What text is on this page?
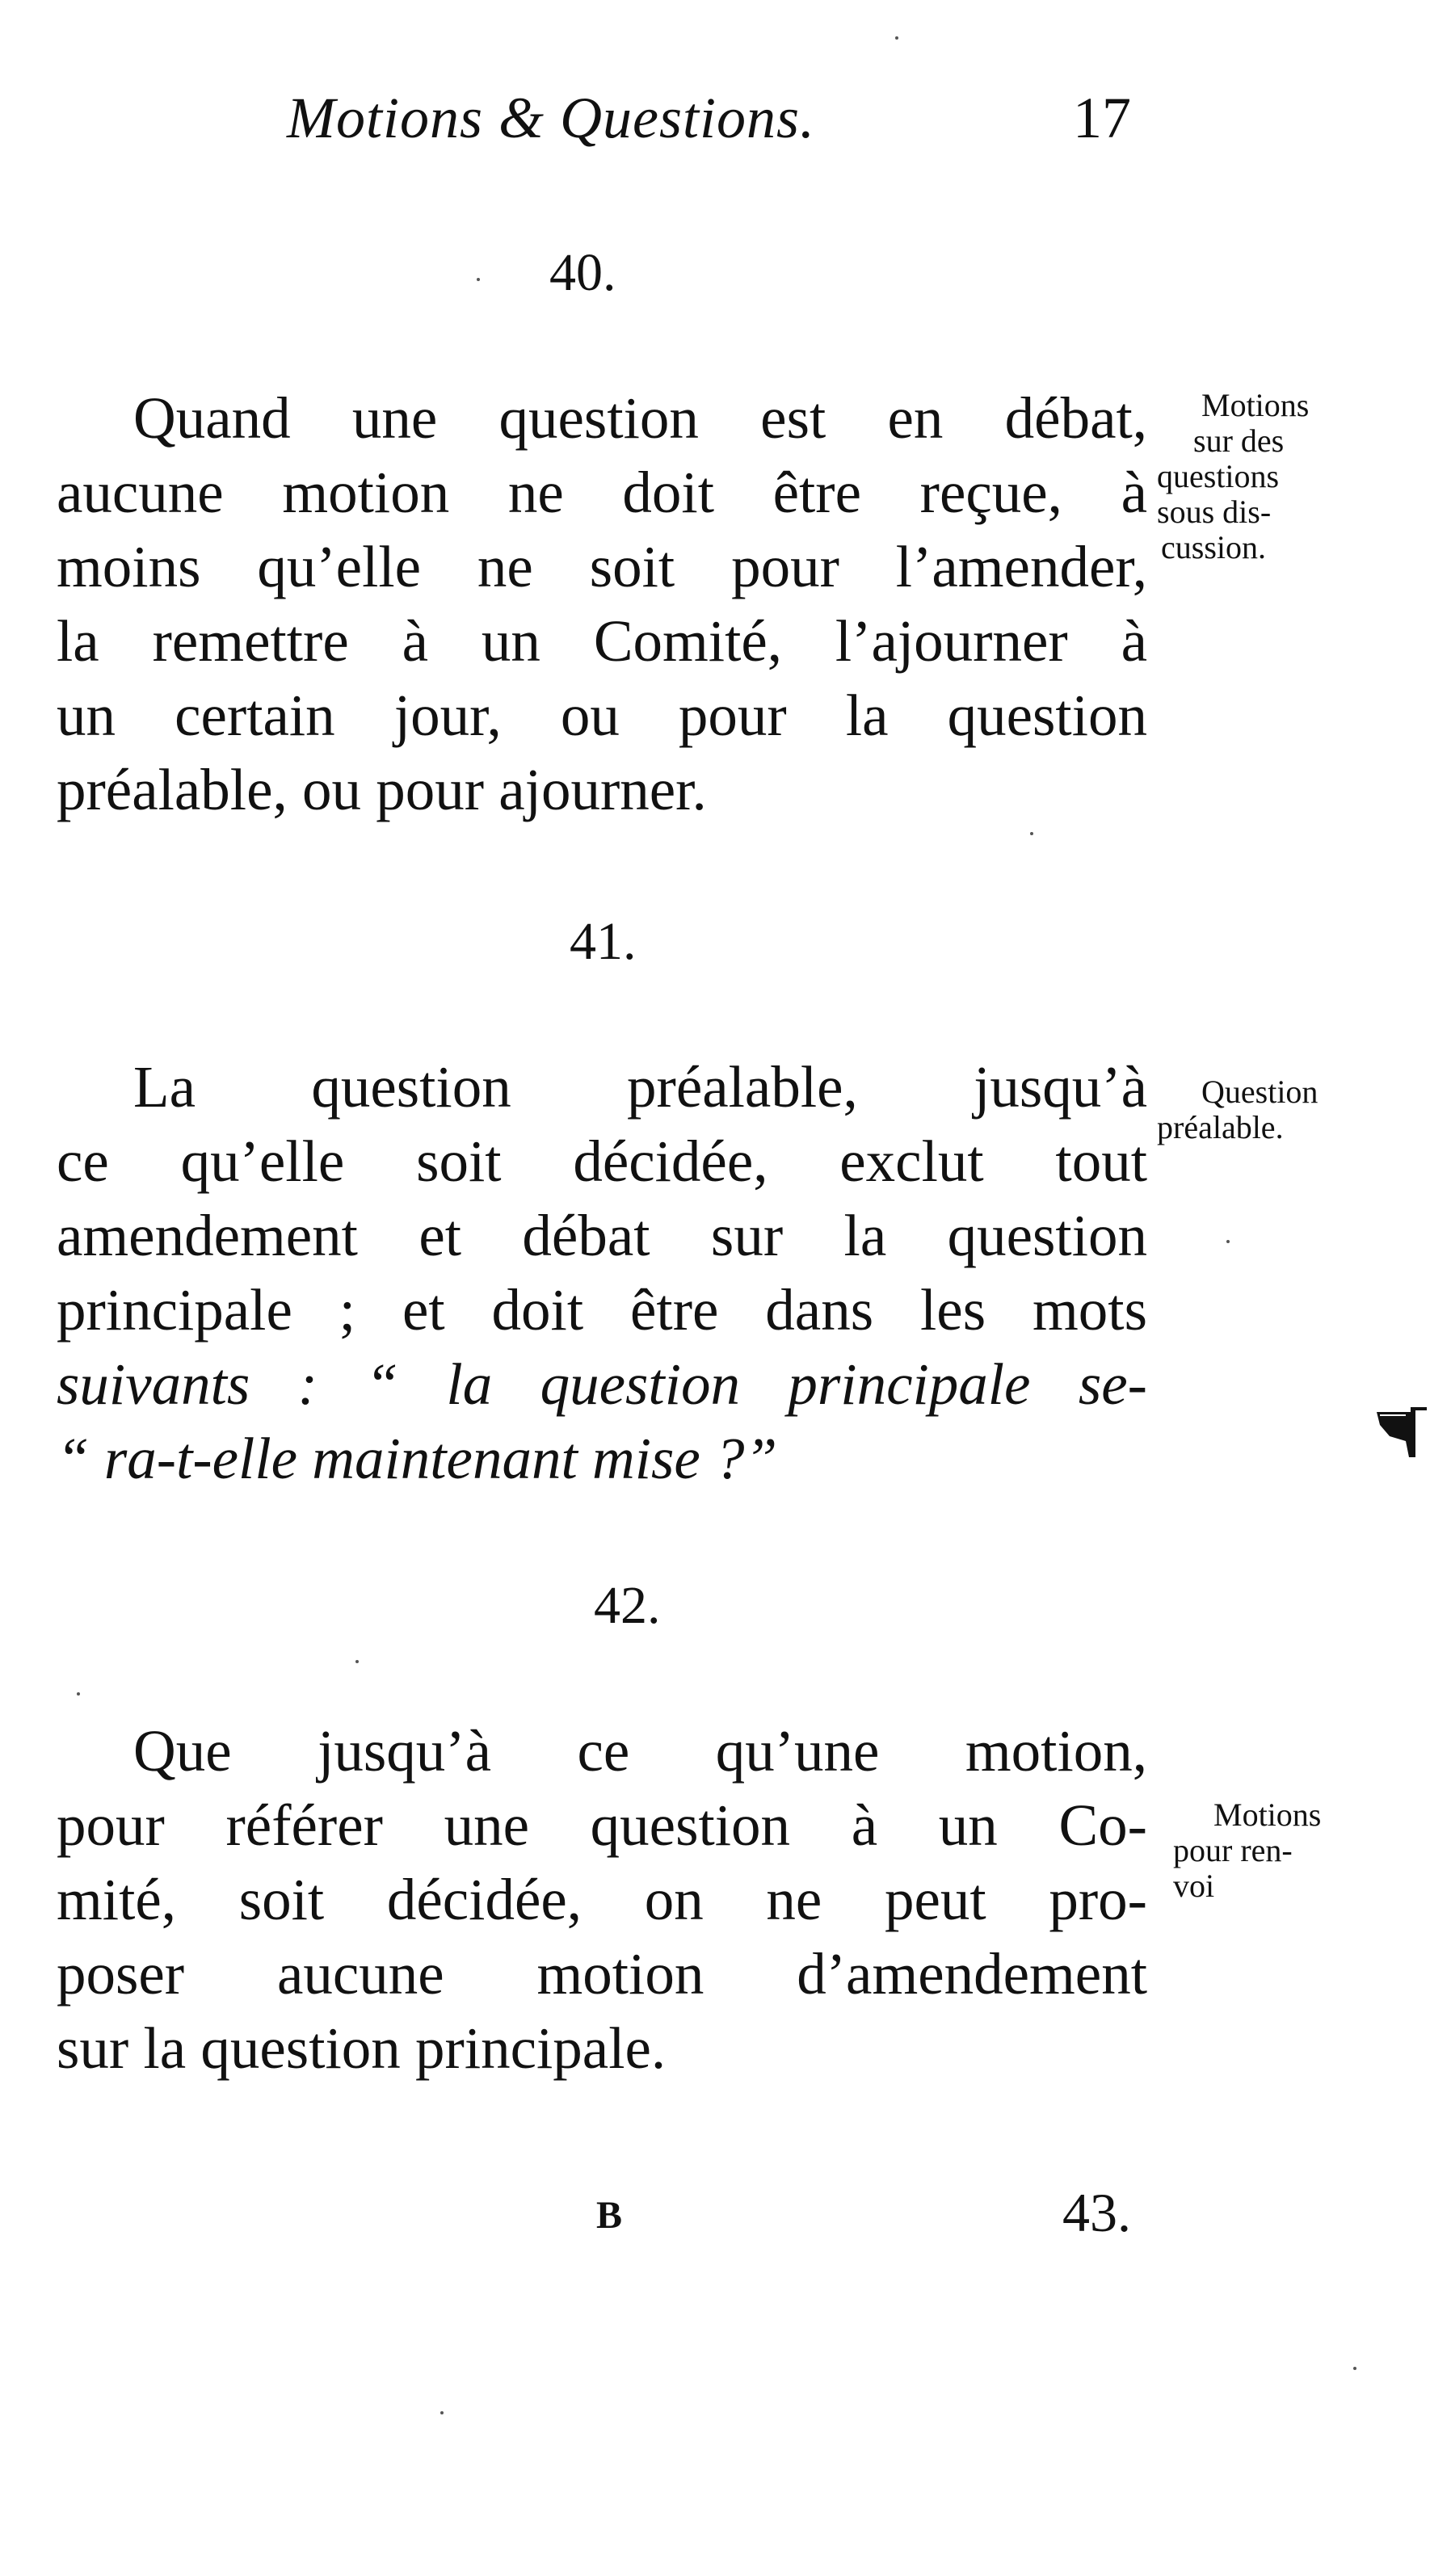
Motions & Questions.	17
40.
Quand une question est en débat,
aucune motion ne doit être reçue, à
moins qu’elle ne soit pour l’amender,
la remettre à un Comité, l’ajourner à
un certain jour, ou pour la question
préalable, ou pour ajourner.
Motions
sur des
questions
sous dis-
cussion.
41.
La question préalable, jusqu’à
ce qu’elle soit décidée, exclut tout
amendement et débat sur la question
principale ; et doit être dans les mots
suivants : “ la question principale se-
“ ra-t-elle maintenant mise ?”
Question
préalable.
42.
Que jusqu’à ce qu’une motion,
pour référer une question à un Co-
mité, soit décidée, on ne peut pro-
poser aucune motion d’amendement
sur la question principale.
Motions
pour ren-
voi
B	43.
